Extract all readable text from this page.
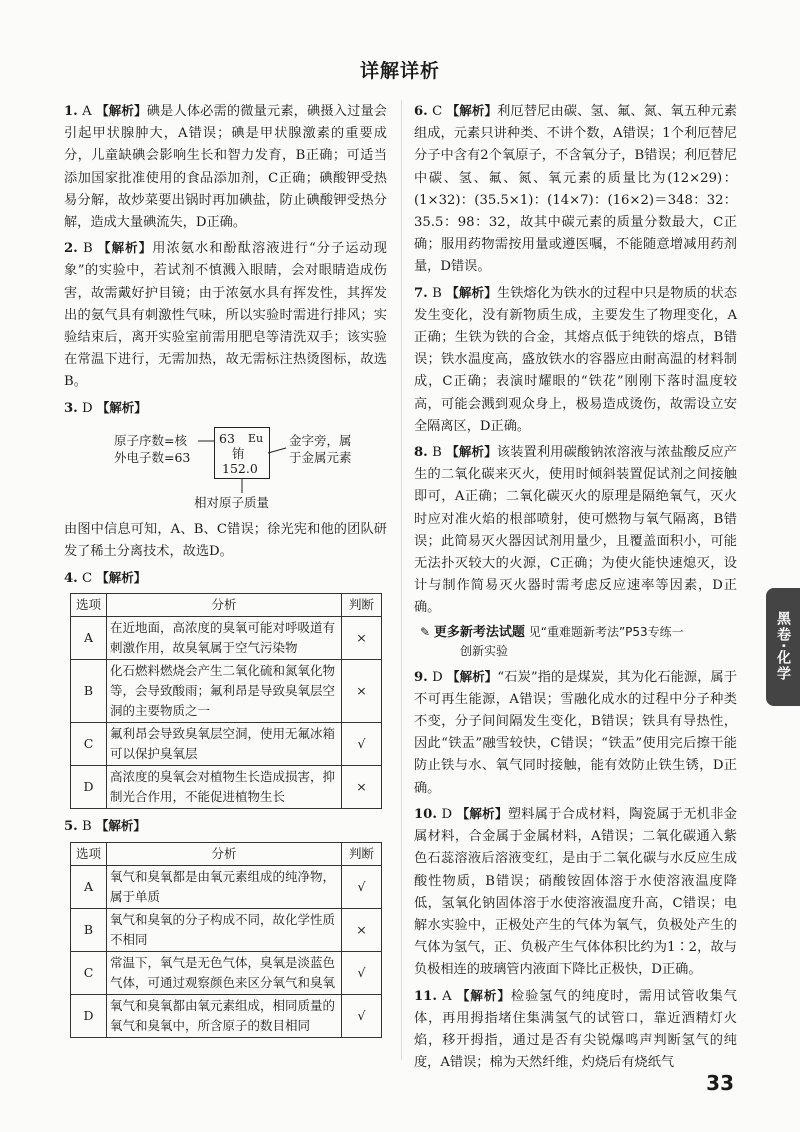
详解详析

1. A 【解析】碘是人体必需的微量元素，碘摄入过量会引起甲状腺肿大，A错误；碘是甲状腺激素的重要成分，儿童缺碘会影响生长和智力发育，B正确；可适当添加国家批准使用的食品添加剂，C正确；碘酸钾受热易分解，故炒菜要出锅时再加碘盐，防止碘酸钾受热分解，造成大量碘流失，D正确。

2. B 【解析】用浓氨水和酚酞溶液进行“分子运动现象”的实验中，若试剂不慎溅入眼睛，会对眼睛造成伤害，故需戴好护目镜；由于浓氨水具有挥发性，其挥发出的氨气具有刺激性气味，所以实验时需进行排风；实验结束后，离开实验室前需用肥皂等清洗双手；该实验在常温下进行，无需加热，故无需标注热烫图标，故选B。

3. D 【解析】

原子序数=核
外电子数=63
63 Eu
铕
152.0
金字旁，属
于金属元素
相对原子质量

由图中信息可知，A、B、C错误；徐光宪和他的团队研发了稀土分离技术，故选D。

4. C 【解析】

选项	分析	判断
A	在近地面，高浓度的臭氧可能对呼吸道有刺激作用，故臭氧属于空气污染物	×
B	化石燃料燃烧会产生二氧化硫和氮氧化物等，会导致酸雨；氟利昂是导致臭氧层空洞的主要物质之一	×
C	氟利昂会导致臭氧层空洞，使用无氟冰箱可以保护臭氧层	√
D	高浓度的臭氧会对植物生长造成损害，抑制光合作用，不能促进植物生长	×

5. B 【解析】

选项	分析	判断
A	氧气和臭氧都是由氧元素组成的纯净物，属于单质	√
B	氧气和臭氧的分子构成不同，故化学性质不相同	×
C	常温下，氧气是无色气体，臭氧是淡蓝色气体，可通过观察颜色来区分氧气和臭氧	√
D	氧气和臭氧都由氧元素组成，相同质量的氧气和臭氧中，所含原子的数目相同	√

6. C 【解析】利厄替尼由碳、氢、氟、氮、氧五种元素组成，元素只讲种类、不讲个数，A错误；1个利厄替尼分子中含有2个氧原子，不含氧分子，B错误；利厄替尼中碳、氢、氟、氮、氧元素的质量比为(12×29)：(1×32)：(35.5×1)：(14×7)：(16×2)＝348：32：35.5：98：32，故其中碳元素的质量分数最大，C正确；服用药物需按用量或遵医嘱，不能随意增减用药剂量，D错误。

7. B 【解析】生铁熔化为铁水的过程中只是物质的状态发生变化，没有新物质生成，主要发生了物理变化，A正确；生铁为铁的合金，其熔点低于纯铁的熔点，B错误；铁水温度高，盛放铁水的容器应由耐高温的材料制成，C正确；表演时耀眼的“铁花”刚刚下落时温度较高，可能会溅到观众身上，极易造成烫伤，故需设立安全隔离区，D正确。

8. B 【解析】该装置利用碳酸钠浓溶液与浓盐酸反应产生的二氧化碳来灭火，使用时倾斜装置促试剂之间接触即可，A正确；二氧化碳灭火的原理是隔绝氧气，灭火时应对准火焰的根部喷射，使可燃物与氧气隔离，B错误；此简易灭火器因试剂用量少，且覆盖面积小，可能无法扑灭较大的火源，C正确；为使火能快速熄灭，设计与制作简易灭火器时需考虑反应速率等因素，D正确。

✎ 更多新考法试题 见“重难题新考法”P53专练一
创新实验

9. D 【解析】“石炭”指的是煤炭，其为化石能源，属于不可再生能源，A错误；雪融化成水的过程中分子种类不变，分子间间隔发生变化，B错误；铁具有导热性，因此“铁盂”融雪较快，C错误；“铁盂”使用完后擦干能防止铁与水、氧气同时接触，能有效防止铁生锈，D正确。

10. D 【解析】塑料属于合成材料，陶瓷属于无机非金属材料，合金属于金属材料，A错误；二氧化碳通入紫色石蕊溶液后溶液变红，是由于二氧化碳与水反应生成酸性物质，B错误；硝酸铵固体溶于水使溶液温度降低，氢氧化钠固体溶于水使溶液温度升高，C错误；电解水实验中，正极处产生的气体为氧气，负极处产生的气体为氢气，正、负极产生气体体积比约为1∶2，故与负极相连的玻璃管内液面下降比正极快，D正确。

11. A 【解析】检验氢气的纯度时，需用试管收集气体，再用拇指堵住集满氢气的试管口，靠近酒精灯火焰，移开拇指，通过是否有尖锐爆鸣声判断氢气的纯度，A错误；棉为天然纤维，灼烧后有烧纸气

黑卷·化学
33
